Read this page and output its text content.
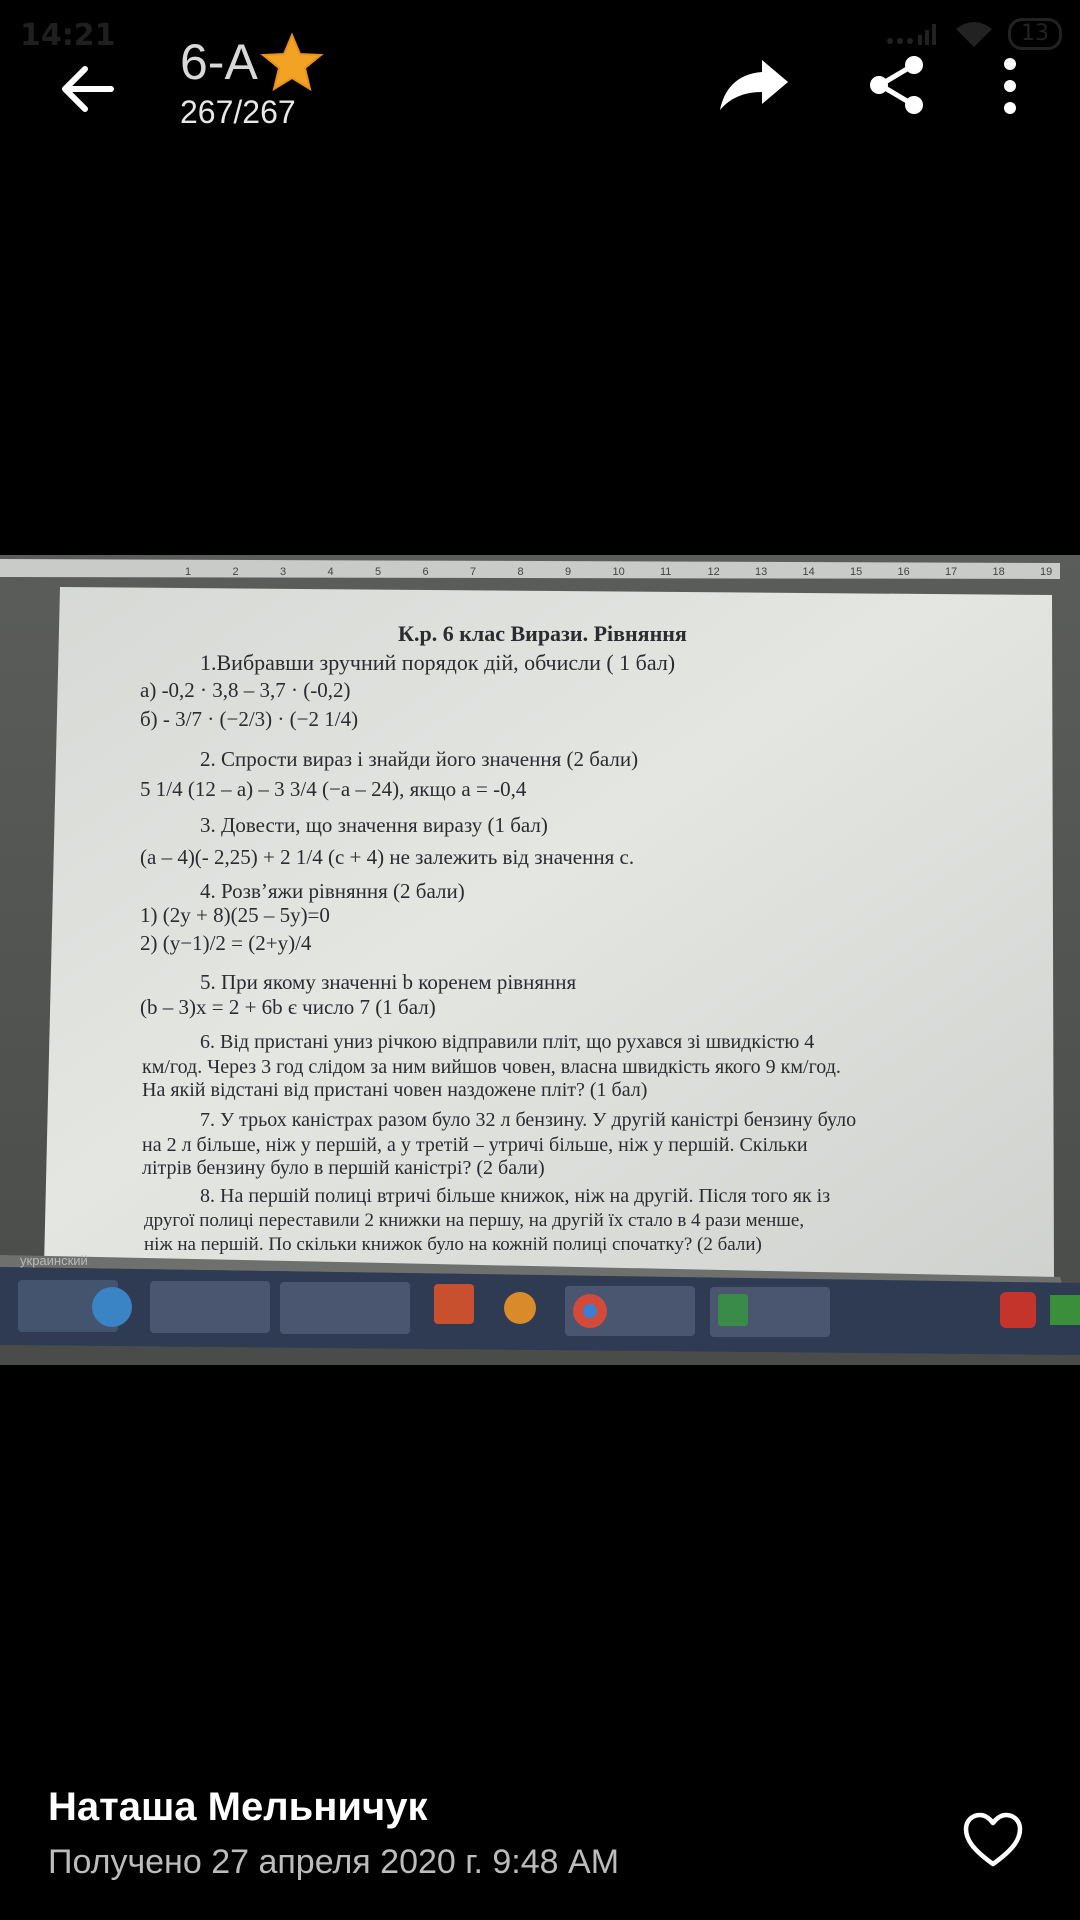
14:21	13
6-А
267/267
1	2	3	4	5	6	7	8	9	10	11	12	13	14	15	16	17	18	19
К.р. 6 клас Вирази. Рівняння
1.Вибравши зручний порядок дій, обчисли ( 1 бал)
а) -0,2 · 3,8 – 3,7 · (-0,2)
б) - 3/7 · (−2/3) · (−2 1/4)
2. Спрости вираз і знайди його значення (2 бали)
5 1/4 (12 – a) – 3 3/4 (−a – 24), якщо a = -0,4
3. Довести, що значення виразу (1 бал)
(a – 4)(- 2,25) + 2 1/4 (c + 4) не залежить від значення c.
4. Розв’яжи рівняння (2 бали)
1) (2y + 8)(25 – 5y)=0
2) (y−1)/2 = (2+y)/4
5. При якому значенні b коренем рівняння
(b – 3)x = 2 + 6b є число 7 (1 бал)
6. Від пристані униз річкою відправили пліт, що рухався зі швидкістю 4
км/год. Через 3 год слідом за ним вийшов човен, власна швидкість якого 9 км/год.
На якій відстані від пристані човен наздожене пліт? (1 бал)
7. У трьох каністрах разом було 32 л бензину. У другій каністрі бензину було
на 2 л більше, ніж у першій, а у третій – утричі більше, ніж у першій. Скільки
літрів бензину було в першій каністрі? (2 бали)
8. На першій полиці втричі більше книжок, ніж на другій. Після того як із
другої полиці переставили 2 книжки на першу, на другій їх стало в 4 рази менше,
ніж на першій. По скільки книжок було на кожній полиці спочатку? (2 бали)
украинский
Наташа Мельничук
Получено 27 апреля 2020 г. 9:48 AM
